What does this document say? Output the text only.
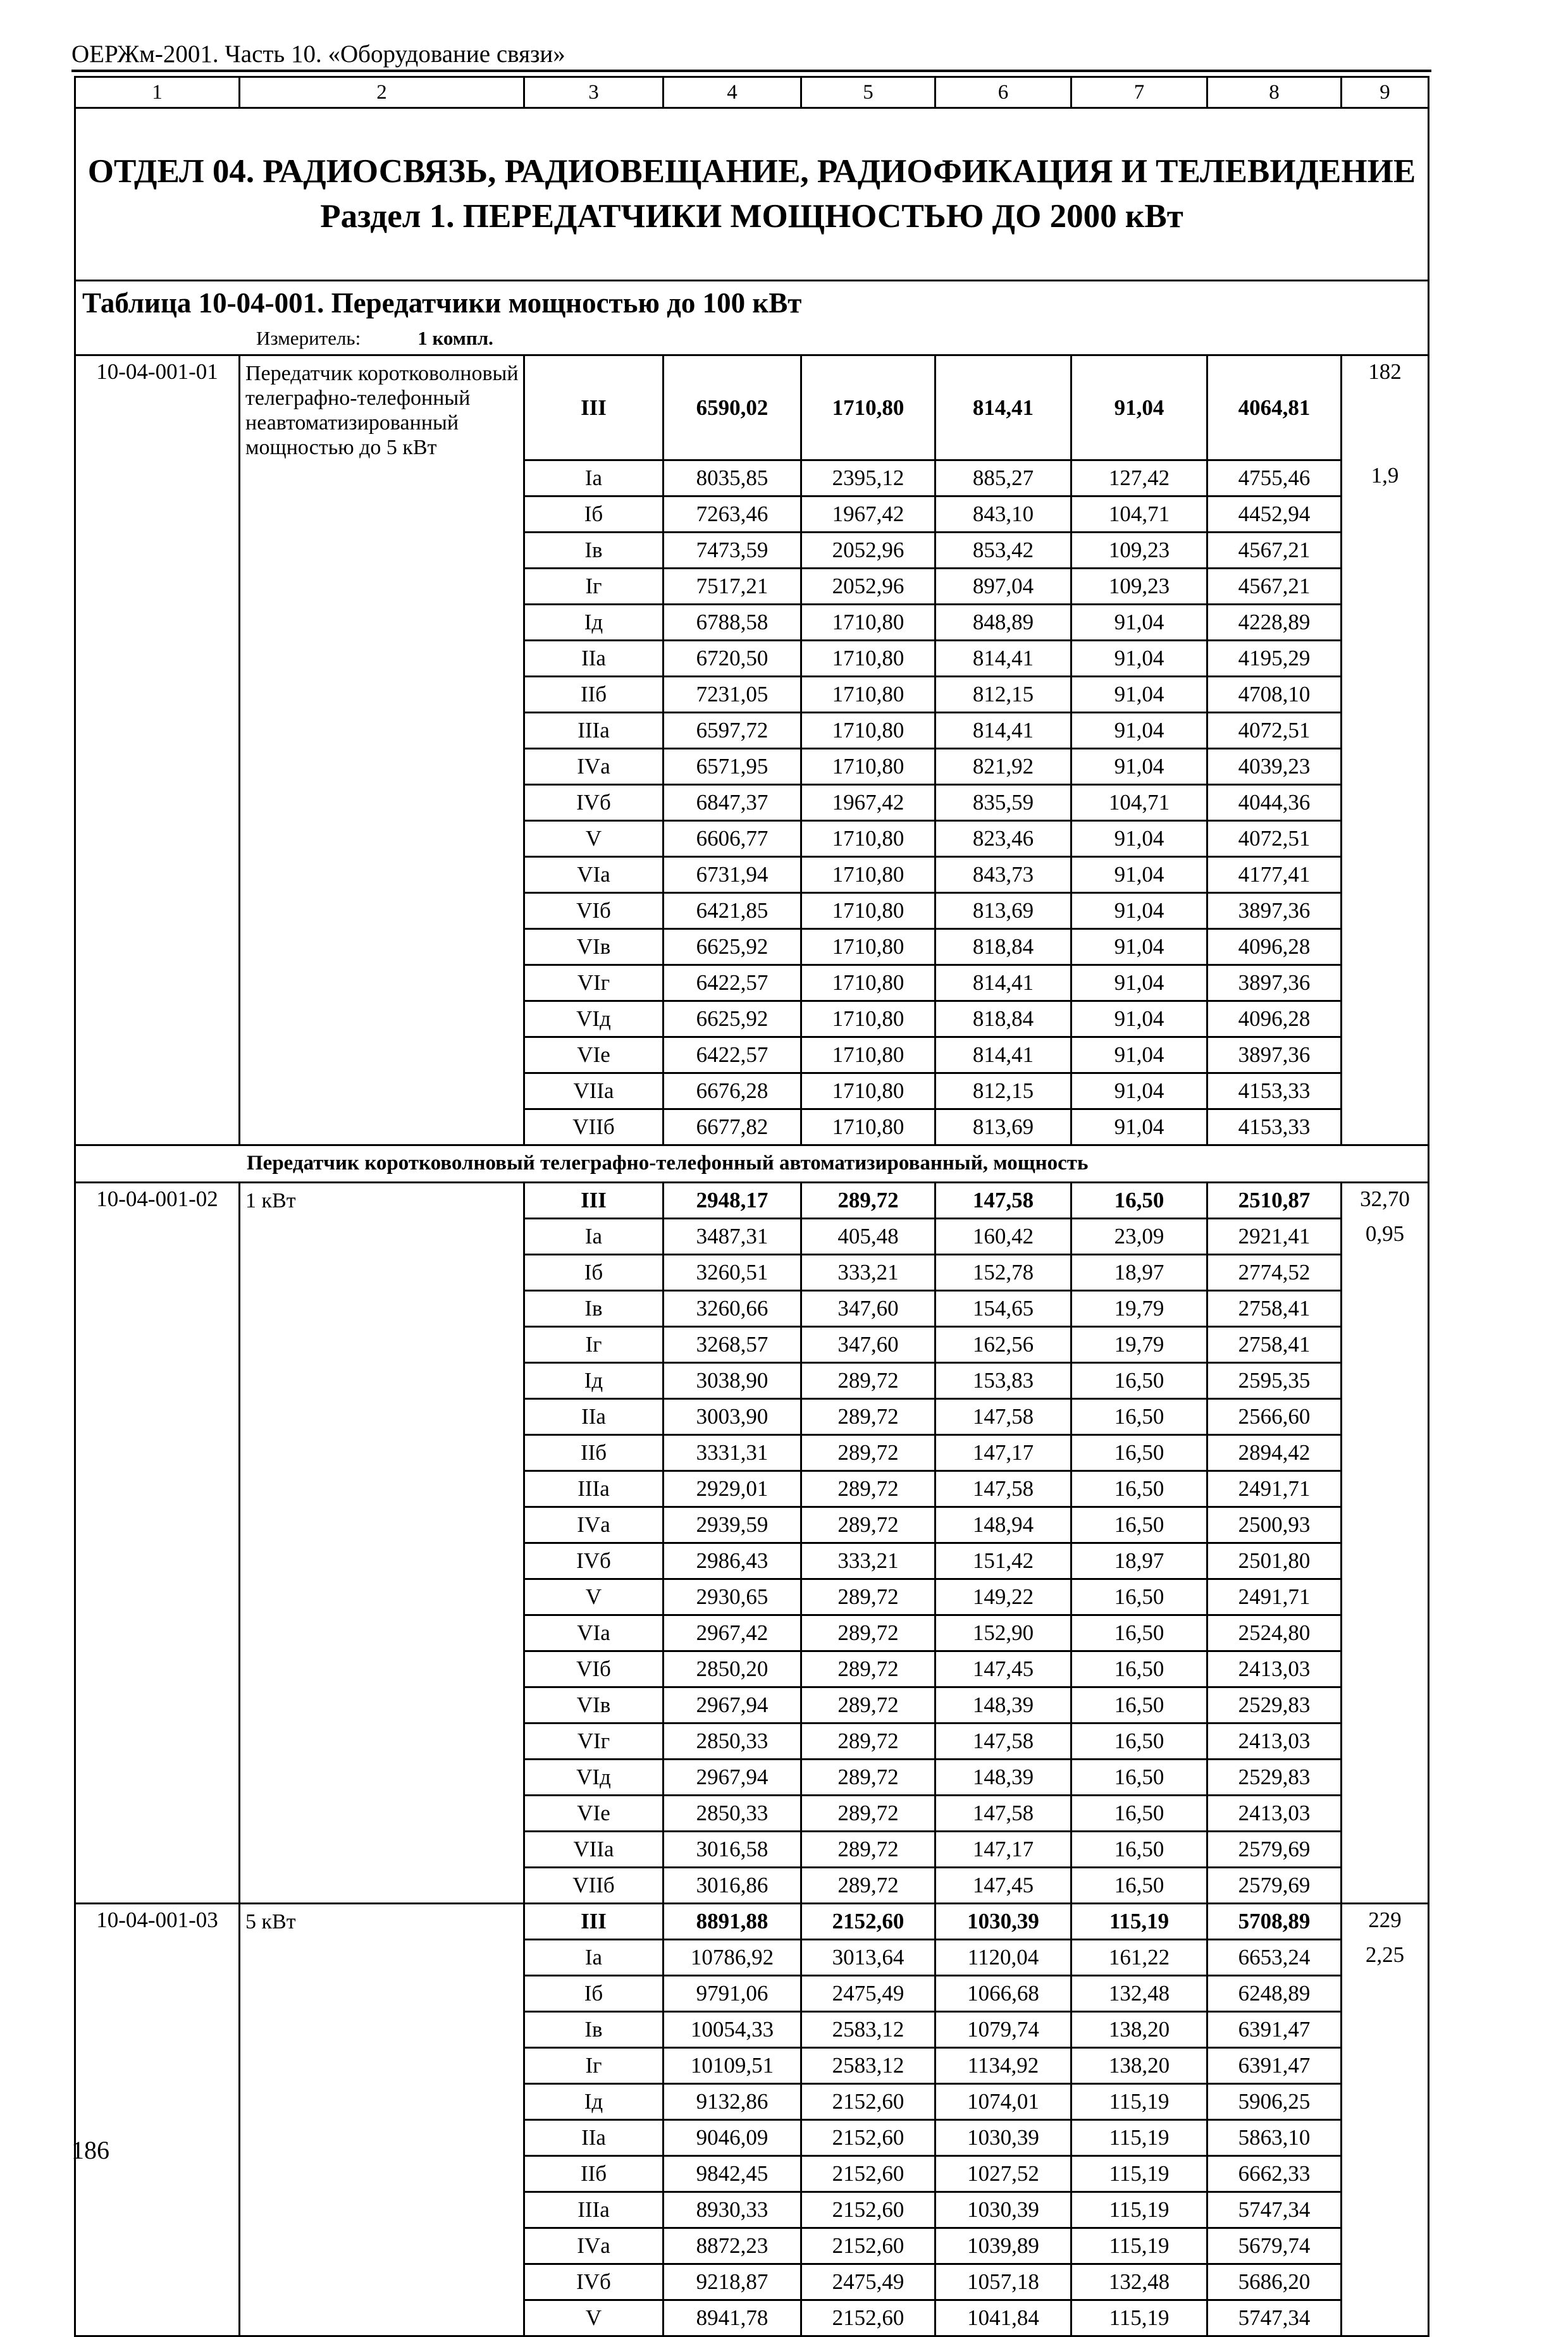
ОЕРЖм-2001. Часть 10. «Оборудование связи»
1	2	3	4	5	6	7	8	9

ОТДЕЛ 04. РАДИОСВЯЗЬ, РАДИОВЕЩАНИЕ, РАДИОФИКАЦИЯ И ТЕЛЕВИДЕНИЕ
Раздел 1. ПЕРЕДАТЧИКИ МОЩНОСТЬЮ ДО 2000 кВт								

Таблица 10-04-001. Передатчики мощностью до 100 кВт
Измеритель: 1 компл.								

10-04-001-01	Передатчик коротковолновый телеграфно-телефонный неавтоматизированный мощностью до 5 кВт	III	6590,02	1710,80	814,41	91,04	4064,81	182
		Iа	8035,85	2395,12	885,27	127,42	4755,46	1,9
		Iб	7263,46	1967,42	843,10	104,71	4452,94	
		Iв	7473,59	2052,96	853,42	109,23	4567,21	
		Iг	7517,21	2052,96	897,04	109,23	4567,21	
		Iд	6788,58	1710,80	848,89	91,04	4228,89	
		IIа	6720,50	1710,80	814,41	91,04	4195,29	
		IIб	7231,05	1710,80	812,15	91,04	4708,10	
		IIIа	6597,72	1710,80	814,41	91,04	4072,51	
		IVа	6571,95	1710,80	821,92	91,04	4039,23	
		IVб	6847,37	1967,42	835,59	104,71	4044,36	
		V	6606,77	1710,80	823,46	91,04	4072,51	
		VIа	6731,94	1710,80	843,73	91,04	4177,41	
		VIб	6421,85	1710,80	813,69	91,04	3897,36	
		VIв	6625,92	1710,80	818,84	91,04	4096,28	
		VIг	6422,57	1710,80	814,41	91,04	3897,36	
		VIд	6625,92	1710,80	818,84	91,04	4096,28	
		VIе	6422,57	1710,80	814,41	91,04	3897,36	
		VIIа	6676,28	1710,80	812,15	91,04	4153,33	
		VIIб	6677,82	1710,80	813,69	91,04	4153,33	
Передатчик коротковолновый телеграфно-телефонный автоматизированный, мощность								
10-04-001-02	1 кВт	III	2948,17	289,72	147,58	16,50	2510,87	32,70
		Iа	3487,31	405,48	160,42	23,09	2921,41	0,95
		Iб	3260,51	333,21	152,78	18,97	2774,52	
		Iв	3260,66	347,60	154,65	19,79	2758,41	
		Iг	3268,57	347,60	162,56	19,79	2758,41	
		Iд	3038,90	289,72	153,83	16,50	2595,35	
		IIа	3003,90	289,72	147,58	16,50	2566,60	
		IIб	3331,31	289,72	147,17	16,50	2894,42	
		IIIа	2929,01	289,72	147,58	16,50	2491,71	
		IVа	2939,59	289,72	148,94	16,50	2500,93	
		IVб	2986,43	333,21	151,42	18,97	2501,80	
		V	2930,65	289,72	149,22	16,50	2491,71	
		VIа	2967,42	289,72	152,90	16,50	2524,80	
		VIб	2850,20	289,72	147,45	16,50	2413,03	
		VIв	2967,94	289,72	148,39	16,50	2529,83	
		VIг	2850,33	289,72	147,58	16,50	2413,03	
		VIд	2967,94	289,72	148,39	16,50	2529,83	
		VIе	2850,33	289,72	147,58	16,50	2413,03	
		VIIа	3016,58	289,72	147,17	16,50	2579,69	
		VIIб	3016,86	289,72	147,45	16,50	2579,69	
10-04-001-03	5 кВт	III	8891,88	2152,60	1030,39	115,19	5708,89	229
		Iа	10786,92	3013,64	1120,04	161,22	6653,24	2,25
		Iб	9791,06	2475,49	1066,68	132,48	6248,89	
		Iв	10054,33	2583,12	1079,74	138,20	6391,47	
		Iг	10109,51	2583,12	1134,92	138,20	6391,47	
		Iд	9132,86	2152,60	1074,01	115,19	5906,25	
		IIа	9046,09	2152,60	1030,39	115,19	5863,10	
		IIб	9842,45	2152,60	1027,52	115,19	6662,33	
		IIIа	8930,33	2152,60	1030,39	115,19	5747,34	
		IVа	8872,23	2152,60	1039,89	115,19	5679,74	
		IVб	9218,87	2475,49	1057,18	132,48	5686,20	
		V	8941,78	2152,60	1041,84	115,19	5747,34	
186
